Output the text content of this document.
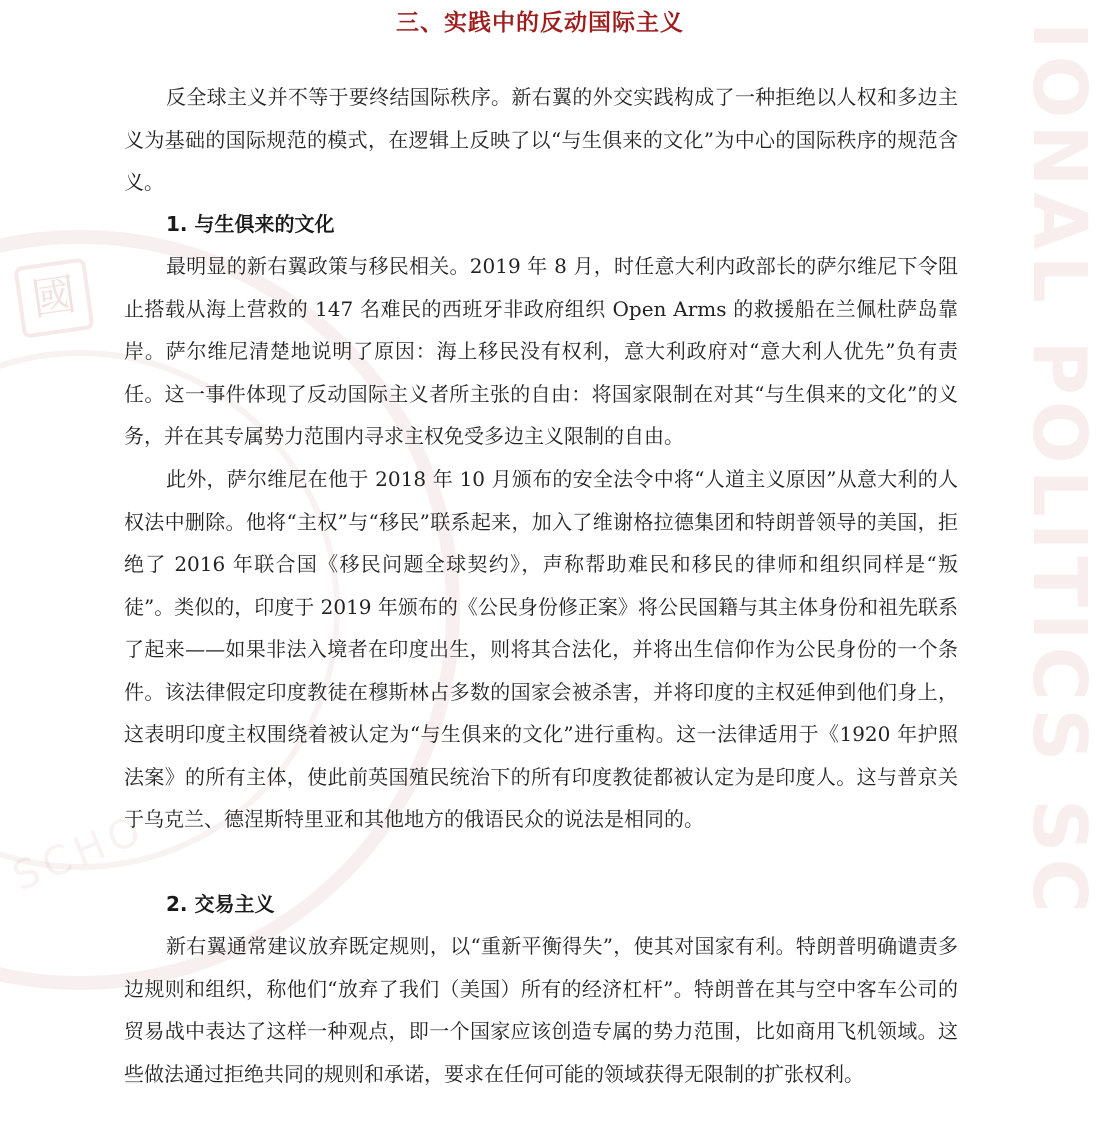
國
SCHO	IONAL POLITICS SC
三、实践中的反动国际主义

反全球主义并不等于要终结国际秩序。新右翼的外交实践构成了一种拒绝以人权和多边主义为基础的国际规范的模式，在逻辑上反映了以“与生俱来的文化”为中心的国际秩序的规范含义。

1. 与生俱来的文化

最明显的新右翼政策与移民相关。2019 年 8 月，时任意大利内政部长的萨尔维尼下令阻止搭载从海上营救的 147 名难民的西班牙非政府组织 Open Arms 的救援船在兰佩杜萨岛靠岸。萨尔维尼清楚地说明了原因：海上移民没有权利，意大利政府对“意大利人优先”负有责任。这一事件体现了反动国际主义者所主张的自由：将国家限制在对其“与生俱来的文化”的义务，并在其专属势力范围内寻求主权免受多边主义限制的自由。

此外，萨尔维尼在他于 2018 年 10 月颁布的安全法令中将“人道主义原因”从意大利的人权法中删除。他将“主权”与“移民”联系起来，加入了维谢格拉德集团和特朗普领导的美国，拒绝了 2016 年联合国《移民问题全球契约》，声称帮助难民和移民的律师和组织同样是“叛徒”。类似的，印度于 2019 年颁布的《公民身份修正案》将公民国籍与其主体身份和祖先联系了起来——如果非法入境者在印度出生，则将其合法化，并将出生信仰作为公民身份的一个条件。该法律假定印度教徒在穆斯林占多数的国家会被杀害，并将印度的主权延伸到他们身上，这表明印度主权围绕着被认定为“与生俱来的文化”进行重构。这一法律适用于《1920 年护照法案》的所有主体，使此前英国殖民统治下的所有印度教徒都被认定为是印度人。这与普京关于乌克兰、德涅斯特里亚和其他地方的俄语民众的说法是相同的。

2. 交易主义

新右翼通常建议放弃既定规则，以“重新平衡得失”，使其对国家有利。特朗普明确谴责多边规则和组织，称他们“放弃了我们（美国）所有的经济杠杆”。特朗普在其与空中客车公司的贸易战中表达了这样一种观点，即一个国家应该创造专属的势力范围，比如商用飞机领域。这些做法通过拒绝共同的规则和承诺，要求在任何可能的领域获得无限制的扩张权利。
